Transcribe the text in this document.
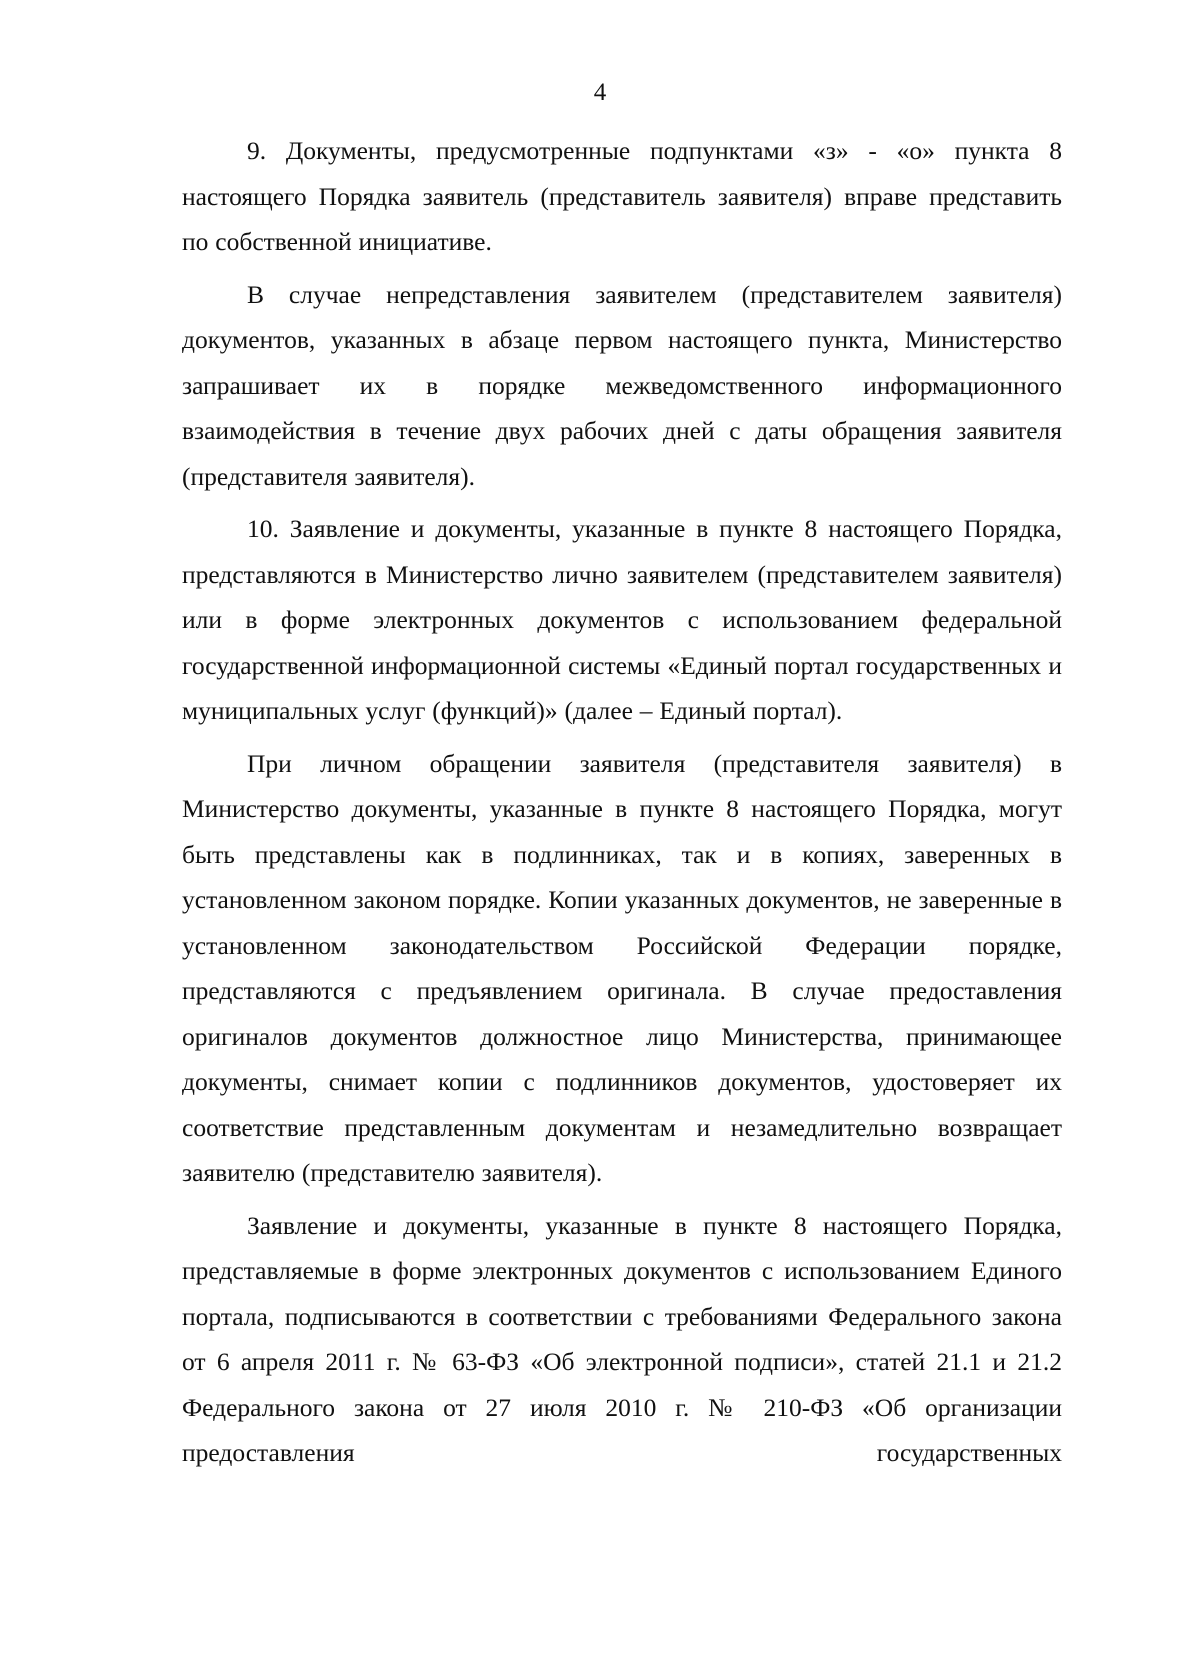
4

9. Документы, предусмотренные подпунктами «з» - «о» пункта 8 настоящего Порядка заявитель (представитель заявителя) вправе представить по собственной инициативе.

В случае непредставления заявителем (представителем заявителя) документов, указанных в абзаце первом настоящего пункта, Министерство запрашивает их в порядке межведомственного информационного взаимодействия в течение двух рабочих дней с даты обращения заявителя (представителя заявителя).

10. Заявление и документы, указанные в пункте 8 настоящего Порядка, представляются в Министерство лично заявителем (представителем заявителя) или в форме электронных документов с использованием федеральной государственной информационной системы «Единый портал государственных и муниципальных услуг (функций)» (далее – Единый портал).

При личном обращении заявителя (представителя заявителя) в Министерство документы, указанные в пункте 8 настоящего Порядка, могут быть представлены как в подлинниках, так и в копиях, заверенных в установленном законом порядке. Копии указанных документов, не заверенные в установленном законодательством Российской Федерации порядке, представляются с предъявлением оригинала. В случае предоставления оригиналов документов должностное лицо Министерства, принимающее документы, снимает копии с подлинников документов, удостоверяет их соответствие представленным документам и незамедлительно возвращает заявителю (представителю заявителя).

Заявление и документы, указанные в пункте 8 настоящего Порядка, представляемые в форме электронных документов с использованием Единого портала, подписываются в соответствии с требованиями Федерального закона от 6 апреля 2011 г. № 63-ФЗ «Об электронной подписи», статей 21.1 и 21.2 Федерального закона от 27 июля 2010 г. № 210-ФЗ «Об организации предоставления государственных
